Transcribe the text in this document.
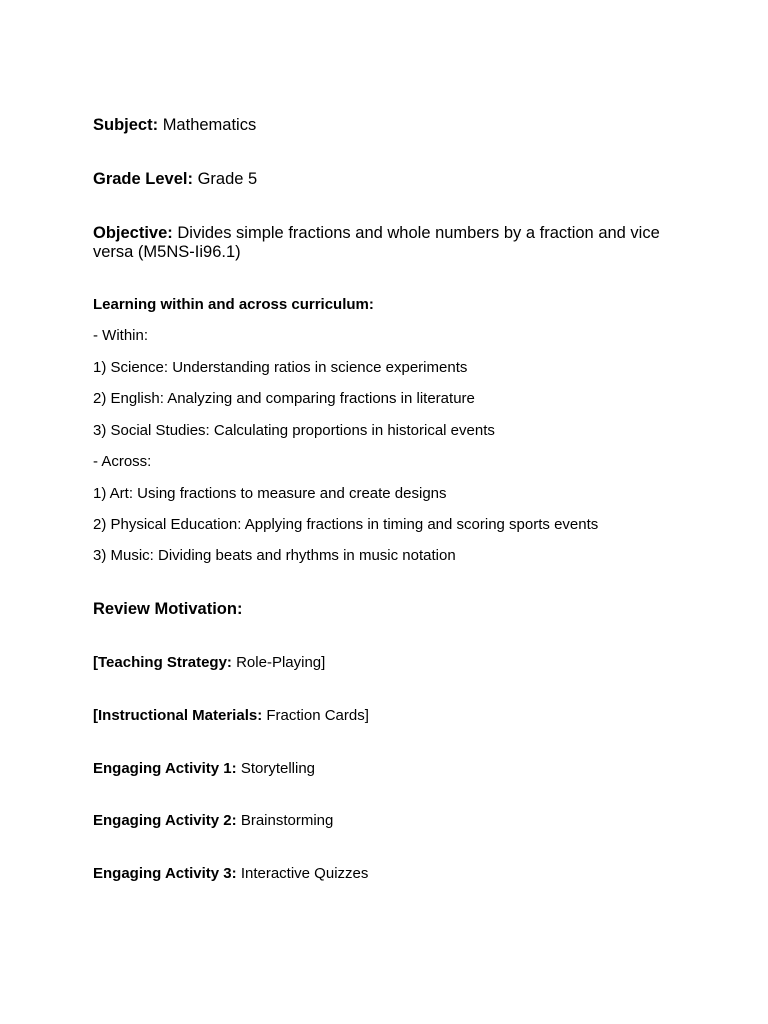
Subject: Mathematics
Grade Level: Grade 5
Objective: Divides simple fractions and whole numbers by a fraction and vice versa (M5NS-Ii96.1)
Learning within and across curriculum:
- Within:
1) Science: Understanding ratios in science experiments
2) English: Analyzing and comparing fractions in literature
3) Social Studies: Calculating proportions in historical events
- Across:
1) Art: Using fractions to measure and create designs
2) Physical Education: Applying fractions in timing and scoring sports events
3) Music: Dividing beats and rhythms in music notation
Review Motivation:
[Teaching Strategy: Role-Playing]
[Instructional Materials: Fraction Cards]
Engaging Activity 1: Storytelling
Engaging Activity 2: Brainstorming
Engaging Activity 3: Interactive Quizzes
